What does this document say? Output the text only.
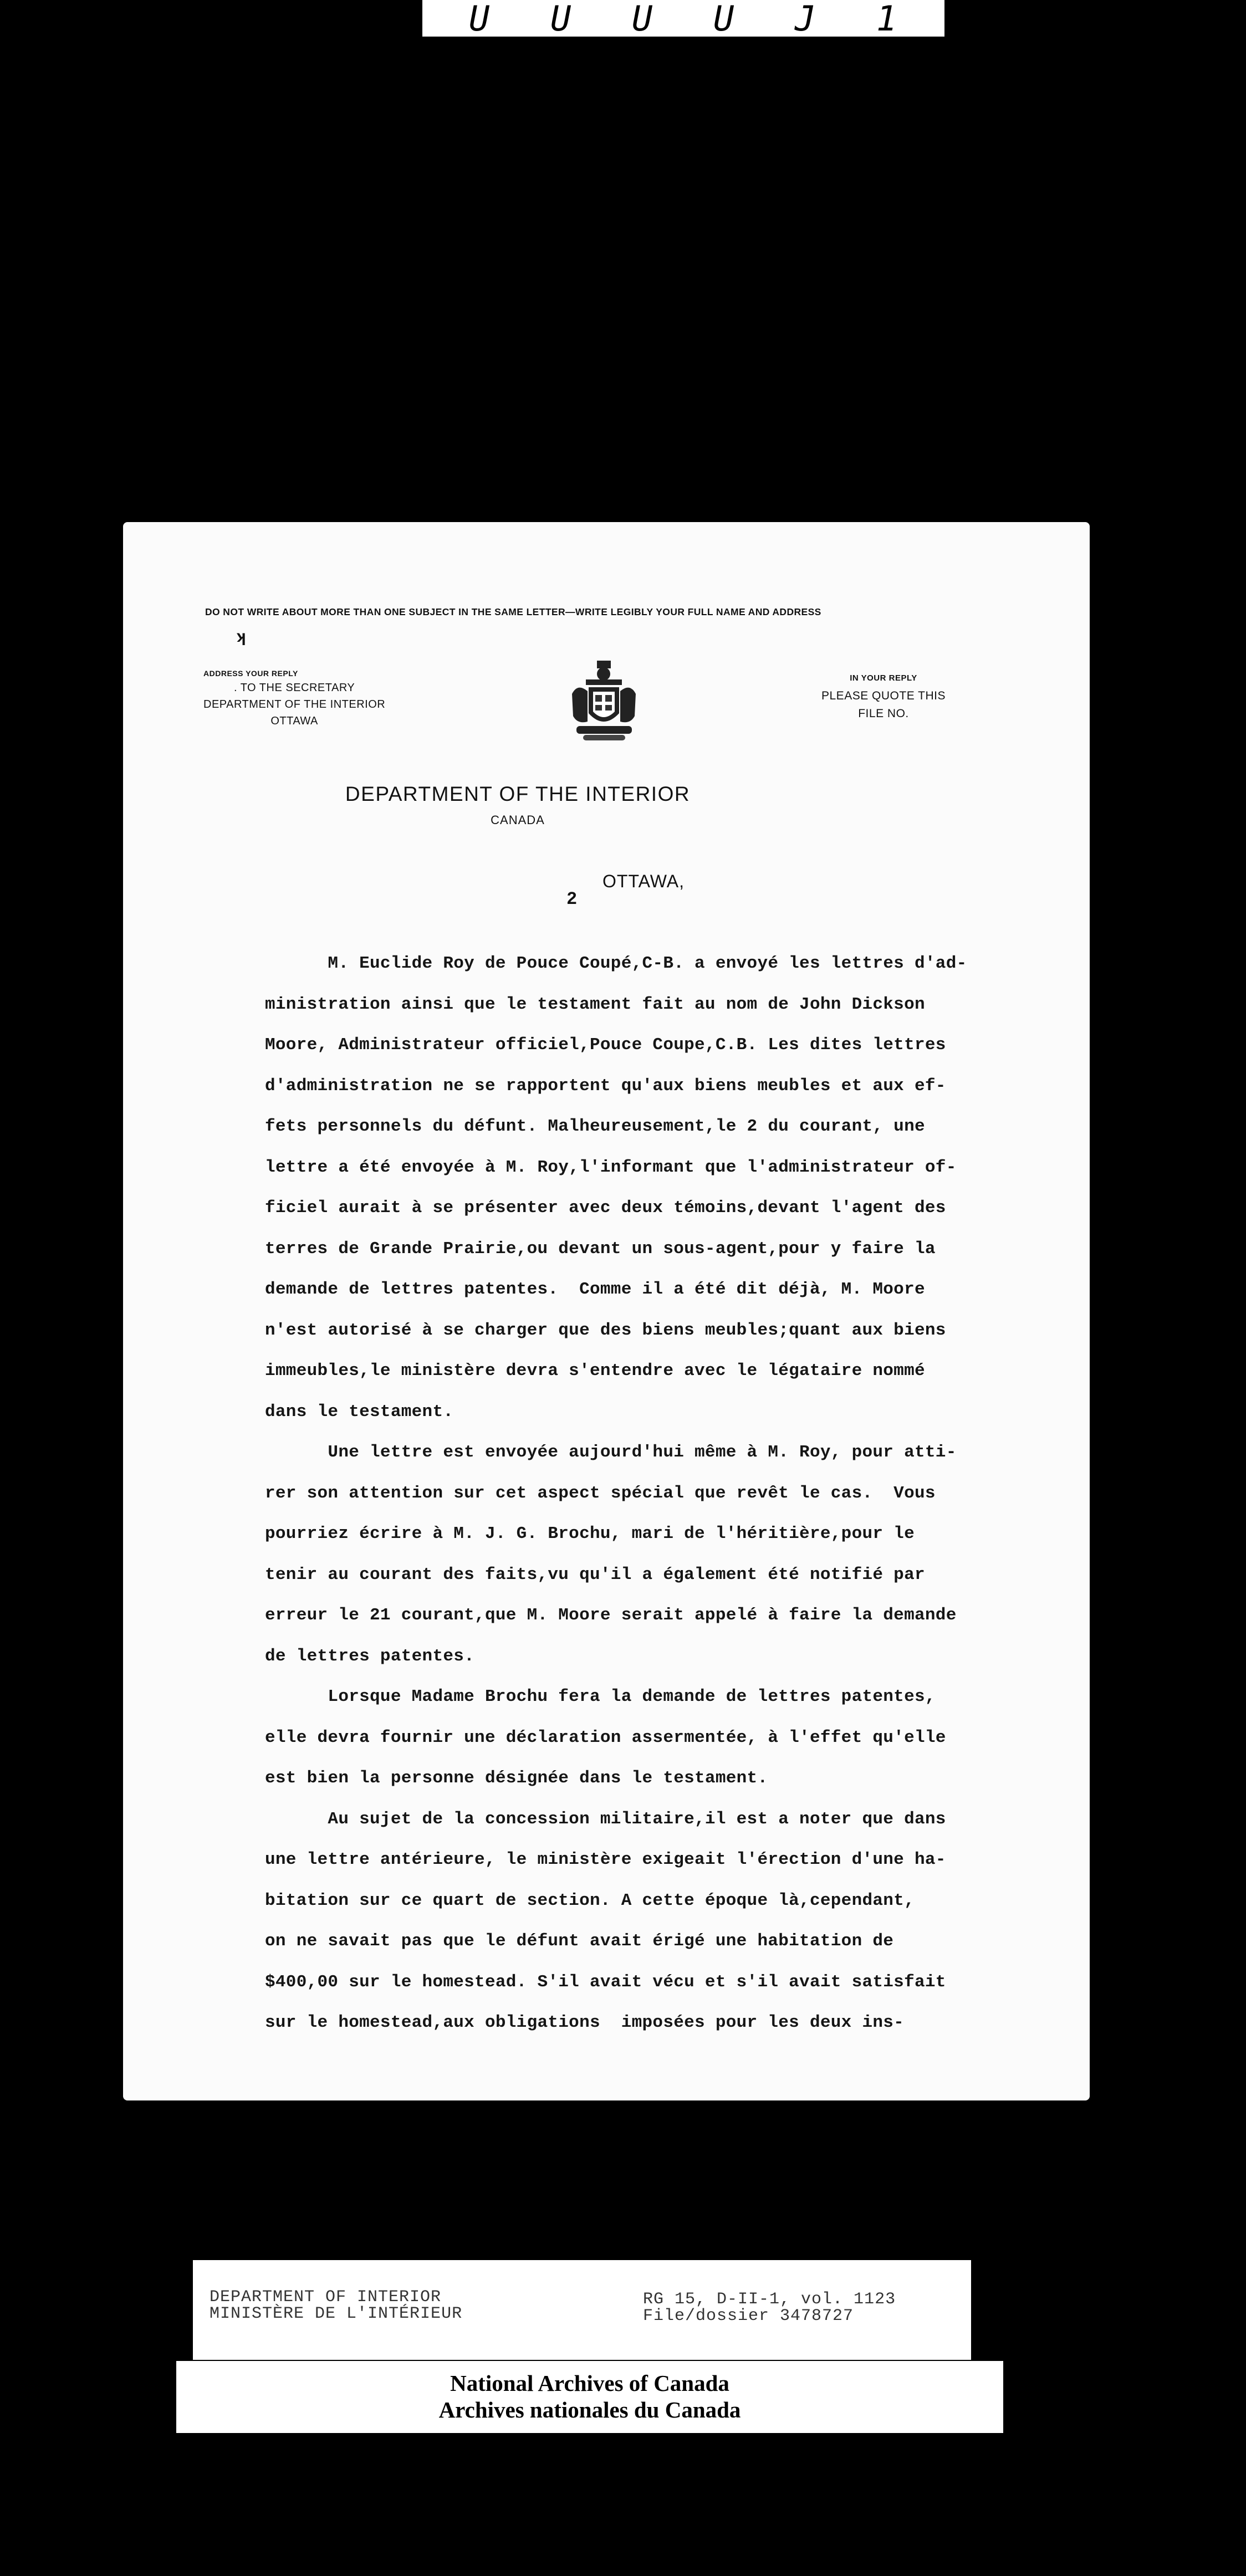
U U U U J 1
DO NOT WRITE ABOUT MORE THAN ONE SUBJECT IN THE SAME LETTER—WRITE LEGIBLY YOUR FULL NAME AND ADDRESS
ʞ
ADDRESS YOUR REPLY
. TO THE SECRETARY
DEPARTMENT OF THE INTERIOR
OTTAWA
IN YOUR REPLY
PLEASE QUOTE THIS
FILE NO.
DEPARTMENT OF THE INTERIOR
CANADA
OTTAWA,
2
M. Euclide Roy de Pouce Coupé,C-B. a envoyé les lettres d'ad-
ministration ainsi que le testament fait au nom de John Dickson
Moore, Administrateur officiel,Pouce Coupe,C.B. Les dites lettres
d'administration ne se rapportent qu'aux biens meubles et aux ef-
fets personnels du défunt. Malheureusement,le 2 du courant, une
lettre a été envoyée à M. Roy,l'informant que l'administrateur of-
ficiel aurait à se présenter avec deux témoins,devant l'agent des
terres de Grande Prairie,ou devant un sous-agent,pour y faire la
demande de lettres patentes.  Comme il a été dit déjà, M. Moore
n'est autorisé à se charger que des biens meubles;quant aux biens
immeubles,le ministère devra s'entendre avec le légataire nommé
dans le testament.
Une lettre est envoyée aujourd'hui même à M. Roy, pour atti-
rer son attention sur cet aspect spécial que revêt le cas.  Vous
pourriez écrire à M. J. G. Brochu, mari de l'héritière,pour le
tenir au courant des faits,vu qu'il a également été notifié par
erreur le 21 courant,que M. Moore serait appelé à faire la demande
de lettres patentes.
Lorsque Madame Brochu fera la demande de lettres patentes,
elle devra fournir une déclaration assermentée, à l'effet qu'elle
est bien la personne désignée dans le testament.
Au sujet de la concession militaire,il est a noter que dans
une lettre antérieure, le ministère exigeait l'érection d'une ha-
bitation sur ce quart de section. A cette époque là,cependant,
on ne savait pas que le défunt avait érigé une habitation de
$400,00 sur le homestead. S'il avait vécu et s'il avait satisfait
sur le homestead,aux obligations  imposées pour les deux ins-
DEPARTMENT OF INTERIOR
MINISTÈRE DE L'INTÉRIEUR
RG 15, D-II-1, vol. 1123
File/dossier 3478727
National Archives of Canada
Archives nationales du Canada
